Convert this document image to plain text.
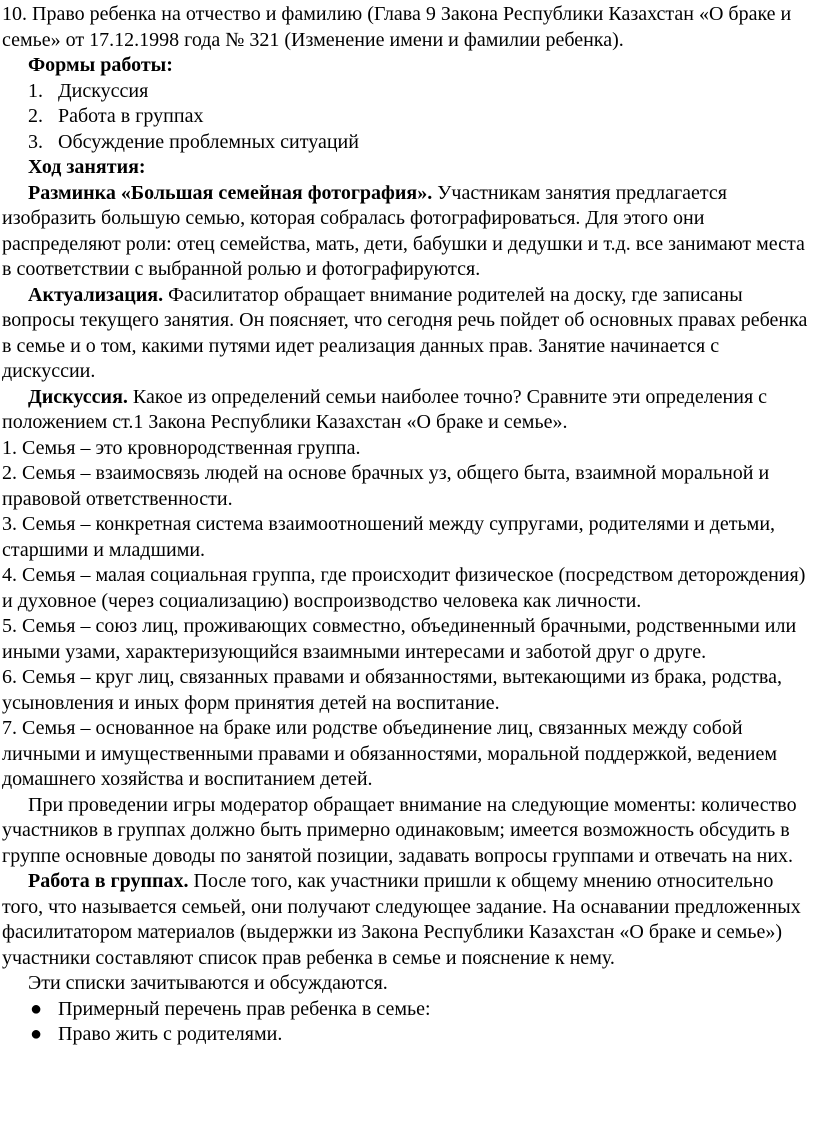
10. Право ребенка на отчество и фамилию (Глава 9 Закона Республики Казахстан «О браке и семье» от 17.12.1998 года № 321 (Изменение имени и фамилии ребенка).

Формы работы:

1. Дискуссия
2. Работа в группах
3. Обсуждение проблемных ситуаций

Ход занятия:

Разминка «Большая семейная фотография». Участникам занятия предлагается изобразить большую семью, которая собралась фотографироваться. Для этого они распределяют роли: отец семейства, мать, дети, бабушки и дедушки и т.д. все занимают места в соответствии с выбранной ролью и фотографируются.

Актуализация. Фасилитатор обращает внимание родителей на доску, где записаны вопросы текущего занятия. Он поясняет, что сегодня речь пойдет об основных правах ребенка в семье и о том, какими путями идет реализация данных прав. Занятие начинается с дискуссии.

Дискуссия. Какое из определений семьи наиболее точно? Сравните эти определения с положением ст.1 Закона Республики Казахстан «О браке и семье».

1. Семья – это кровнородственная группа.

2. Семья – взаимосвязь людей на основе брачных уз, общего быта, взаимной моральной и правовой ответственности.

3. Семья – конкретная система взаимоотношений между супругами, родителями и детьми, старшими и младшими.

4. Семья – малая социальная группа, где происходит физическое (посредством деторождения) и духовное (через социализацию) воспроизводство человека как личности.

5. Семья – союз лиц, проживающих совместно, объединенный брачными, родственными или иными узами, характеризующийся взаимными интересами и заботой друг о друге.

6. Семья – круг лиц, связанных правами и обязанностями, вытекающими из брака, родства, усыновления и иных форм принятия детей на воспитание.

7. Семья – основанное на браке или родстве объединение лиц, связанных между собой личными и имущественными правами и обязанностями, моральной поддержкой, ведением домашнего хозяйства и воспитанием детей.

При проведении игры модератор обращает внимание на следующие моменты: количество участников в группах должно быть примерно одинаковым; имеется возможность обсудить в группе основные доводы по занятой позиции, задавать вопросы группами и отвечать на них.

Работа в группах. После того, как участники пришли к общему мнению относительно того, что называется семьей, они получают следующее задание. На оснавании предложенных фасилитатором материалов (выдержки из Закона Республики Казахстан «О браке и семье») участники составляют список прав ребенка в семье и пояснение к нему.

Эти списки зачитываются и обсуждаются.

● Примерный перечень прав ребенка в семье:
● Право жить с родителями.
